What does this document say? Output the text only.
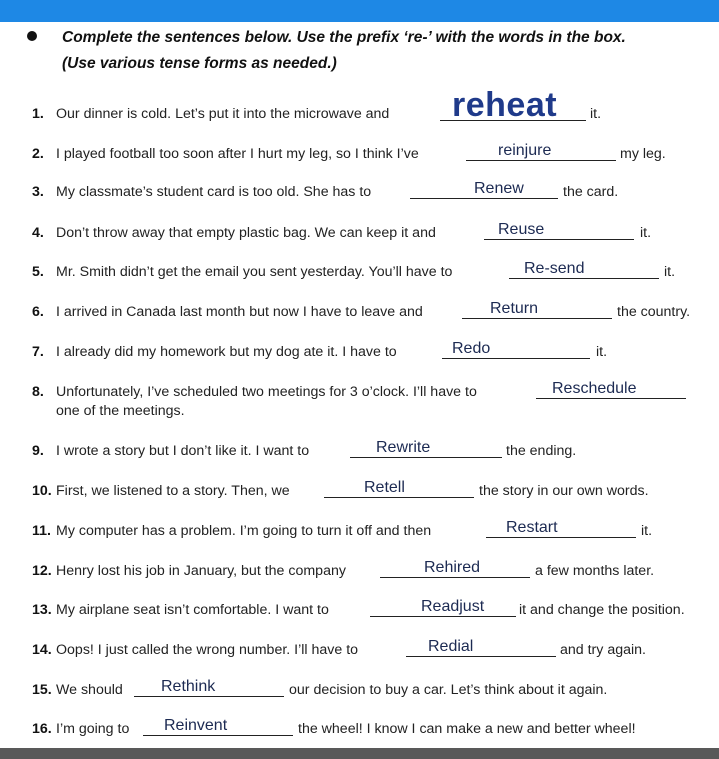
Complete the sentences below. Use the prefix ‘re-’ with the words in the box.
(Use various tense forms as needed.)
1. Our dinner is cold. Let’s put it into the microwave and reheat it.
2. I played football too soon after I hurt my leg, so I think I’ve	reinjure	my leg.
3. My classmate’s student card is too old. She has to	Renew	the card.
4. Don’t throw away that empty plastic bag. We can keep it and	Reuse	it.
5. Mr. Smith didn’t get the email you sent yesterday. You’ll have to	Re-send	it.
6. I arrived in Canada last month but now I have to leave and	Return	the country.
7. I already did my homework but my dog ate it. I have to	Redo	it.
8. Unfortunately, I’ve scheduled two meetings for 3 o’clock. I’ll have to	Reschedule
one of the meetings.
9. I wrote a story but I don’t like it. I want to	Rewrite	the ending.
10. First, we listened to a story. Then, we	Retell	the story in our own words.
11. My computer has a problem. I’m going to turn it off and then	Restart	it.
12. Henry lost his job in January, but the company	Rehired	a few months later.
13. My airplane seat isn’t comfortable. I want to	Readjust it and change the position.
14. Oops! I just called the wrong number. I’ll have to	Redial	and try again.
15. We should Rethink	our decision to buy a car. Let’s think about it again.
16. I’m going to Reinvent	the wheel! I know I can make a new and better wheel!
